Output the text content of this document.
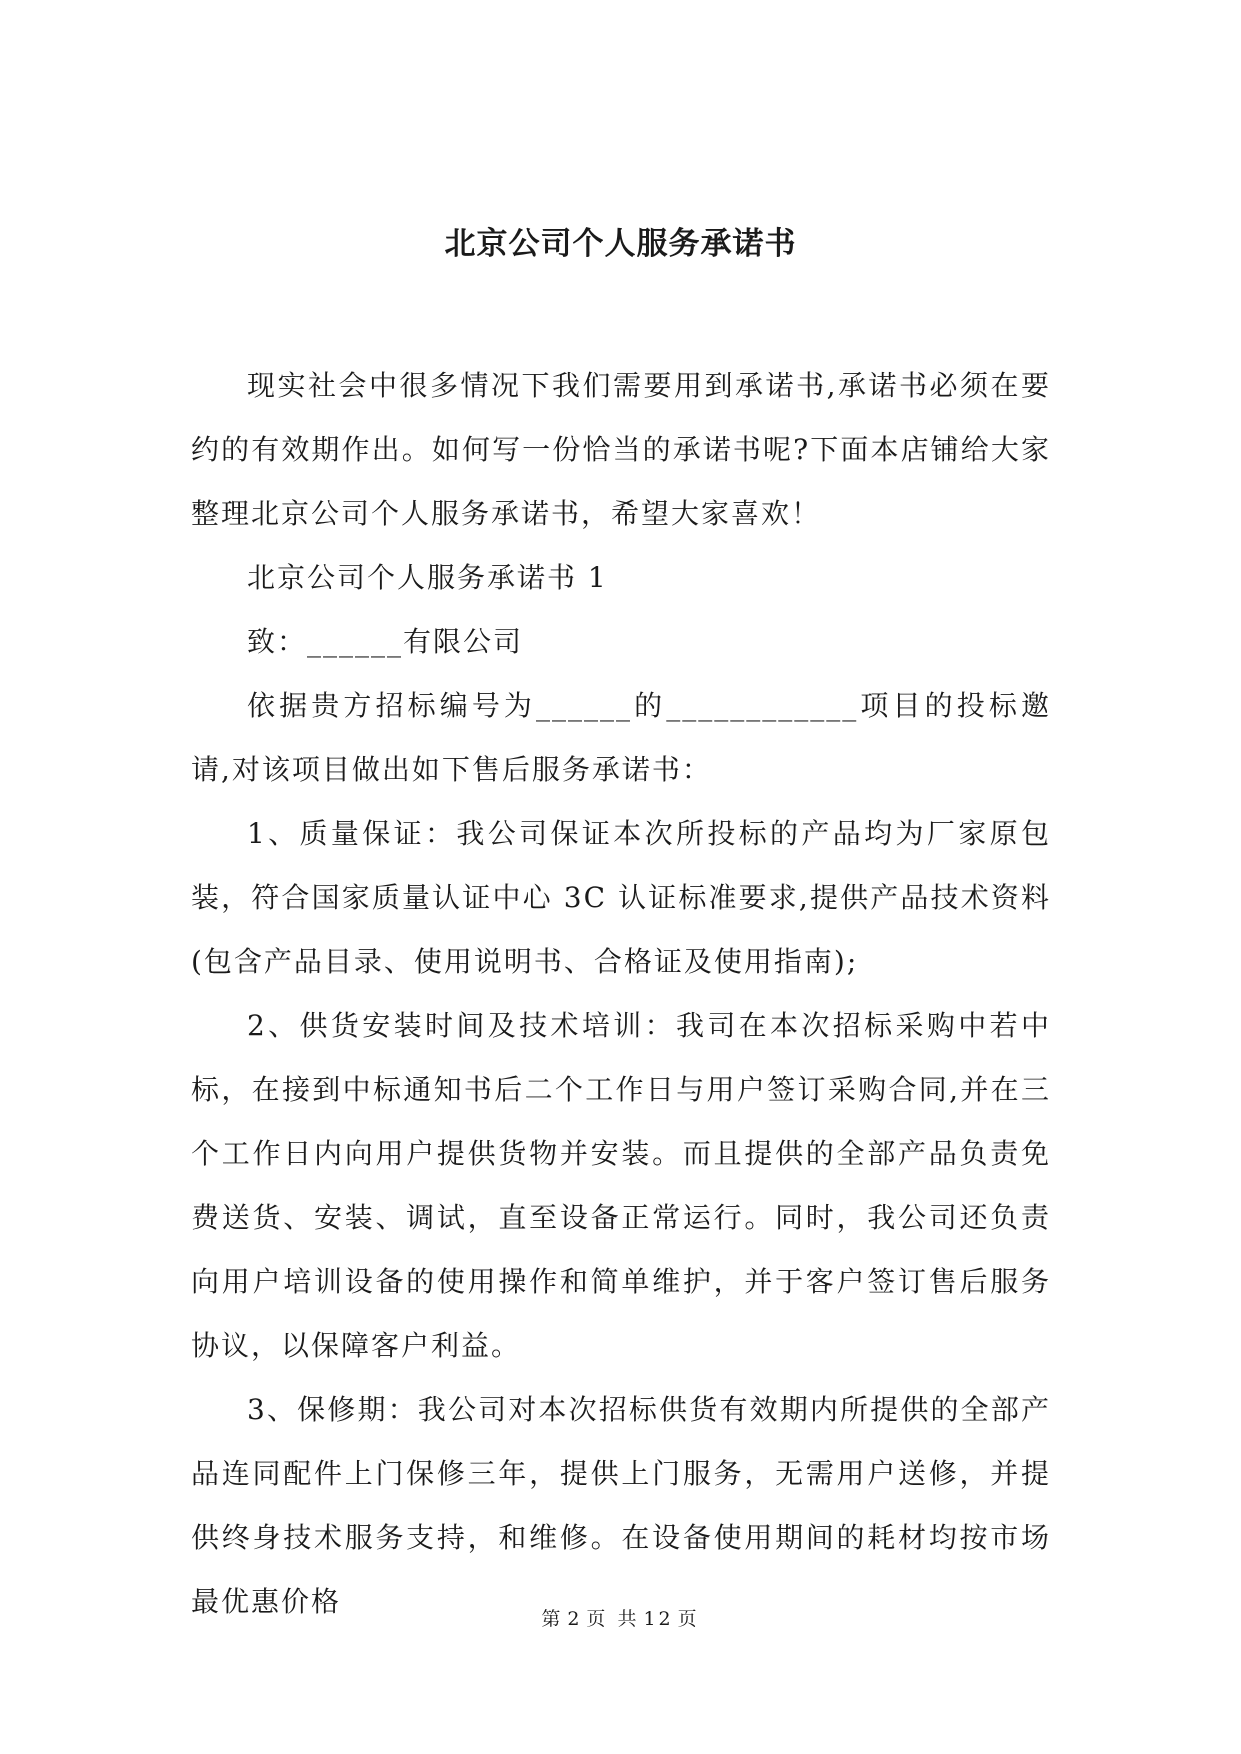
北京公司个人服务承诺书

现实社会中很多情况下我们需要用到承诺书,承诺书必须在要约的有效期作出。如何写一份恰当的承诺书呢?下面本店铺给大家整理北京公司个人服务承诺书，希望大家喜欢！

北京公司个人服务承诺书 1

致：______有限公司

依据贵方招标编号为______的____________项目的投标邀请,对该项目做出如下售后服务承诺书：

1、质量保证：我公司保证本次所投标的产品均为厂家原包装，符合国家质量认证中心 3C 认证标准要求,提供产品技术资料(包含产品目录、使用说明书、合格证及使用指南);

2、供货安装时间及技术培训：我司在本次招标采购中若中标，在接到中标通知书后二个工作日与用户签订采购合同,并在三个工作日内向用户提供货物并安装。而且提供的全部产品负责免费送货、安装、调试，直至设备正常运行。同时，我公司还负责向用户培训设备的使用操作和简单维护，并于客户签订售后服务协议，以保障客户利益。

3、保修期：我公司对本次招标供货有效期内所提供的全部产品连同配件上门保修三年，提供上门服务，无需用户送修，并提供终身技术服务支持，和维修。在设备使用期间的耗材均按市场最优惠价格

第 2 页 共 12 页
